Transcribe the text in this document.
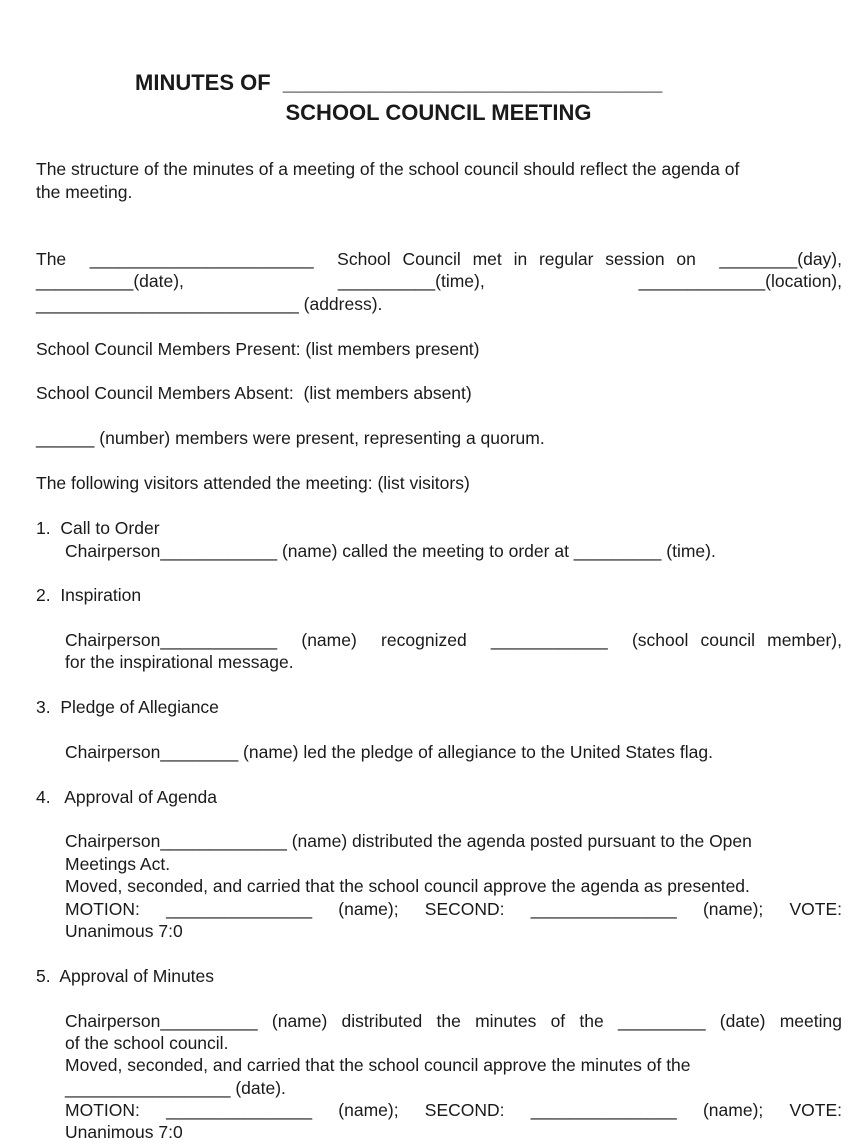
MINUTES OF  _______________________________
SCHOOL COUNCIL MEETING
The structure of the minutes of a meeting of the school council should reflect the agenda of
the meeting.
The  _______________________  School Council met in regular session on  ________(day),
__________(date),                    __________(time),                    _____________(location),
___________________________ (address).
School Council Members Present: (list members present)
School Council Members Absent:  (list members absent)
______ (number) members were present, representing a quorum.
The following visitors attended the meeting: (list visitors)
1.  Call to Order
Chairperson____________ (name) called the meeting to order at _________ (time).
2.  Inspiration
Chairperson____________  (name)  recognized  ____________  (school council member),
for the inspirational message.
3.  Pledge of Allegiance
Chairperson________ (name) led the pledge of allegiance to the United States flag.
4.   Approval of Agenda
Chairperson_____________ (name) distributed the agenda posted pursuant to the Open
Meetings Act.
Moved, seconded, and carried that the school council approve the agenda as presented.
MOTION:  _______________  (name);  SECOND:  _______________  (name);  VOTE:
Unanimous 7:0
5.  Approval of Minutes
Chairperson__________ (name) distributed the minutes of the _________ (date) meeting
of the school council.
Moved, seconded, and carried that the school council approve the minutes of the
_________________ (date).
MOTION:  _______________  (name);  SECOND:  _______________  (name);  VOTE:
Unanimous 7:0
